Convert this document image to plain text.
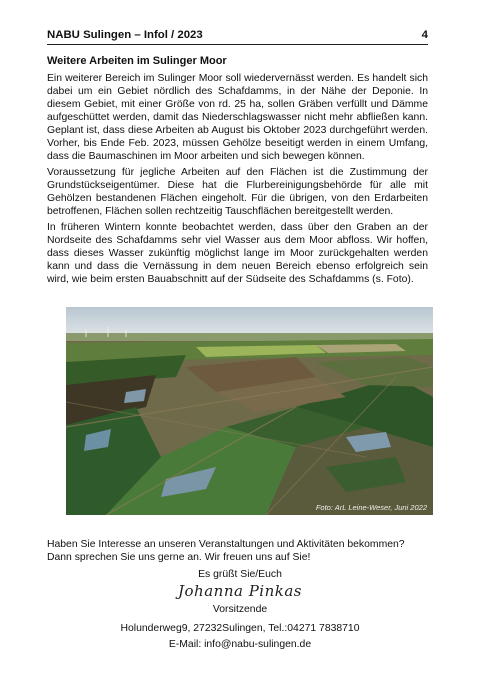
NABU Sulingen – Infol / 2023	4
Weitere Arbeiten im Sulinger Moor

Ein weiterer Bereich im Sulinger Moor soll wiedervernässt werden. Es handelt sich dabei um ein Gebiet nördlich des Schafdamms, in der Nähe der Deponie. In diesem Gebiet, mit einer Größe von rd. 25 ha, sollen Gräben verfüllt und Dämme aufgeschüttet werden, damit das Niederschlagswasser nicht mehr abfließen kann. Geplant ist, dass diese Arbeiten ab August bis Oktober 2023 durchgeführt werden. Vorher, bis Ende Feb. 2023, müssen Gehölze beseitigt werden in einem Umfang, dass die Baumaschinen im Moor arbeiten und sich bewegen können.

Voraussetzung für jegliche Arbeiten auf den Flächen ist die Zustimmung der Grundstückseigentümer. Diese hat die Flurbereinigungsbehörde für alle mit Gehölzen bestandenen Flächen eingeholt. Für die übrigen, von den Erdarbeiten betroffenen, Flächen sollen rechtzeitig Tauschflächen bereitgestellt werden.

In früheren Wintern konnte beobachtet werden, dass über den Graben an der Nordseite des Schafdamms sehr viel Wasser aus dem Moor abfloss. Wir hoffen, dass dieses Wasser zukünftig möglichst lange im Moor zurückgehalten werden kann und dass die Vernässung in dem neuen Bereich ebenso erfolgreich sein wird, wie beim ersten Bauabschnitt auf der Südseite des Schafdamms (s. Foto).

Foto: ArL Leine-Weser, Juni 2022
Haben Sie Interesse an unseren Veranstaltungen und Aktivitäten bekommen?
Dann sprechen Sie uns gerne an. Wir freuen uns auf Sie!
Es grüßt Sie/Euch
Johanna Pinkas
Vorsitzende
Holunderweg9, 27232Sulingen, Tel.:04271 7838710
E-Mail: info@nabu-sulingen.de
